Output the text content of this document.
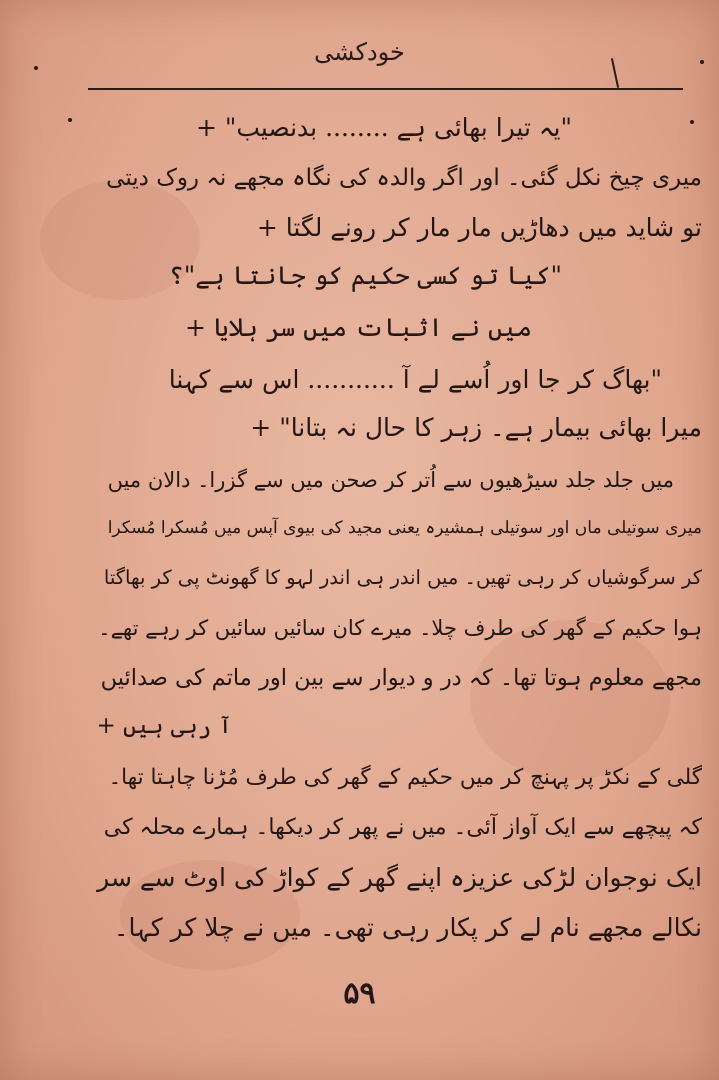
خودکشی
"یہ تیرا بھائی ہے ........ بدنصیب" +
میری چیخ نکل گئی۔ اور اگر والدہ کی نگاہ مجھے نہ روک دیتی
تو شاید میں دھاڑیں مار مار کر رونے لگتا +
"کیا تو کسی حکیم کو جانتا ہے"؟
میں نے اثبات میں سر ہلایا +
"بھاگ کر جا اور اُسے لے آ ........... اس سے کہنا
میرا بھائی بیمار ہے۔ زہر کا حال نہ بتانا" +
میں جلد جلد سیڑھیوں سے اُتر کر صحن میں سے گزرا۔ دالان میں
میری سوتیلی ماں اور سوتیلی ہمشیرہ یعنی مجید کی بیوی آپس میں مُسکرا مُسکرا
کر سرگوشیاں کر رہی تھیں۔ میں اندر ہی اندر لہو کا گھونٹ پی کر بھاگتا
ہوا حکیم کے گھر کی طرف چلا۔ میرے کان سائیں سائیں کر رہے تھے۔
مجھے معلوم ہوتا تھا۔ کہ در و دیوار سے بین اور ماتم کی صدائیں
آ رہی ہیں +
گلی کے نکڑ پر پہنچ کر میں حکیم کے گھر کی طرف مُڑنا چاہتا تھا۔
کہ پیچھے سے ایک آواز آئی۔ میں نے پھر کر دیکھا۔ ہمارے محلہ کی
ایک نوجوان لڑکی عزیزہ اپنے گھر کے کواڑ کی اوٹ سے سر
نکالے مجھے نام لے کر پکار رہی تھی۔ میں نے چلا کر کہا۔
۵۹
